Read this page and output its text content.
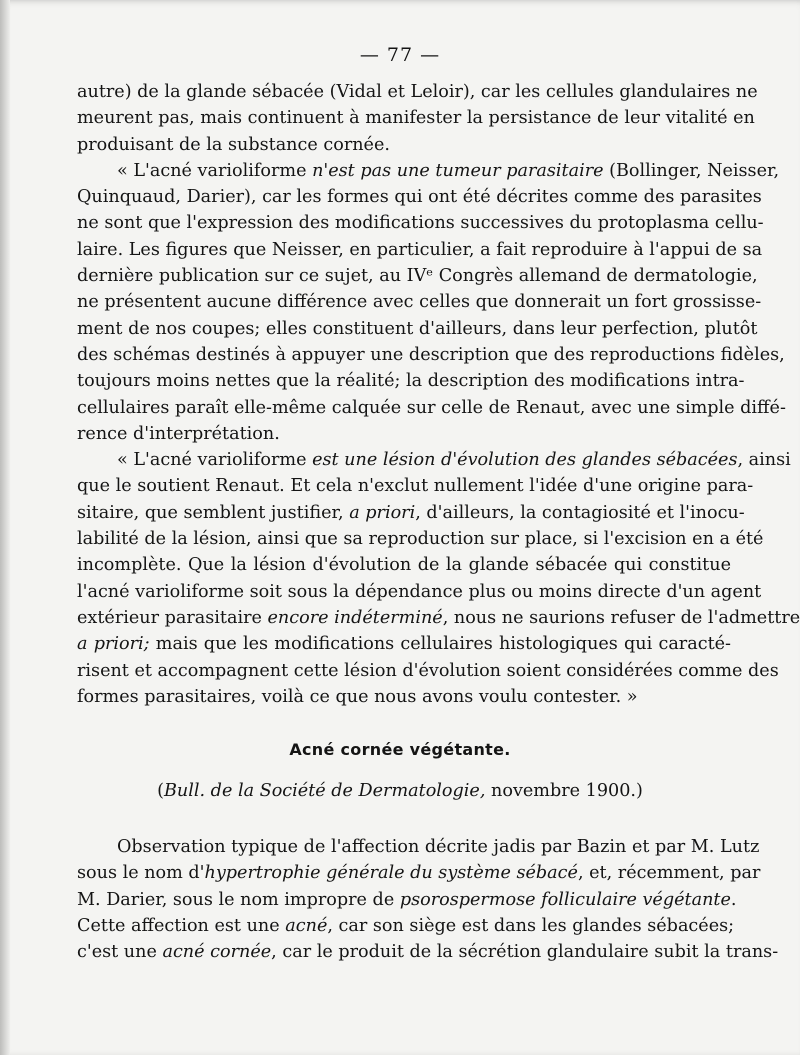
— 77 —
autre) de la glande sébacée (Vidal et Leloir), car les cellules glandulaires ne
meurent pas, mais continuent à manifester la persistance de leur vitalité en
produisant de la substance cornée.
« L'acné varioliforme n'est pas une tumeur parasitaire (Bollinger, Neisser,
Quinquaud, Darier), car les formes qui ont été décrites comme des parasites
ne sont que l'expression des modifications successives du protoplasma cellu-
laire. Les figures que Neisser, en particulier, a fait reproduire à l'appui de sa
dernière publication sur ce sujet, au IVᵉ Congrès allemand de dermatologie,
ne présentent aucune différence avec celles que donnerait un fort grossisse-
ment de nos coupes; elles constituent d'ailleurs, dans leur perfection, plutôt
des schémas destinés à appuyer une description que des reproductions fidèles,
toujours moins nettes que la réalité; la description des modifications intra-
cellulaires paraît elle-même calquée sur celle de Renaut, avec une simple diffé-
rence d'interprétation.
« L'acné varioliforme est une lésion d'évolution des glandes sébacées, ainsi
que le soutient Renaut. Et cela n'exclut nullement l'idée d'une origine para-
sitaire, que semblent justifier, a priori, d'ailleurs, la contagiosité et l'inocu-
labilité de la lésion, ainsi que sa reproduction sur place, si l'excision en a été
incomplète. Que la lésion d'évolution de la glande sébacée qui constitue
l'acné varioliforme soit sous la dépendance plus ou moins directe d'un agent
extérieur parasitaire encore indéterminé, nous ne saurions refuser de l'admettre
a priori; mais que les modifications cellulaires histologiques qui caracté-
risent et accompagnent cette lésion d'évolution soient considérées comme des
formes parasitaires, voilà ce que nous avons voulu contester. »
Acné cornée végétante.
(Bull. de la Société de Dermatologie, novembre 1900.)
Observation typique de l'affection décrite jadis par Bazin et par M. Lutz
sous le nom d'hypertrophie générale du système sébacé, et, récemment, par
M. Darier, sous le nom impropre de psorospermose folliculaire végétante.
Cette affection est une acné, car son siège est dans les glandes sébacées;
c'est une acné cornée, car le produit de la sécrétion glandulaire subit la trans-
